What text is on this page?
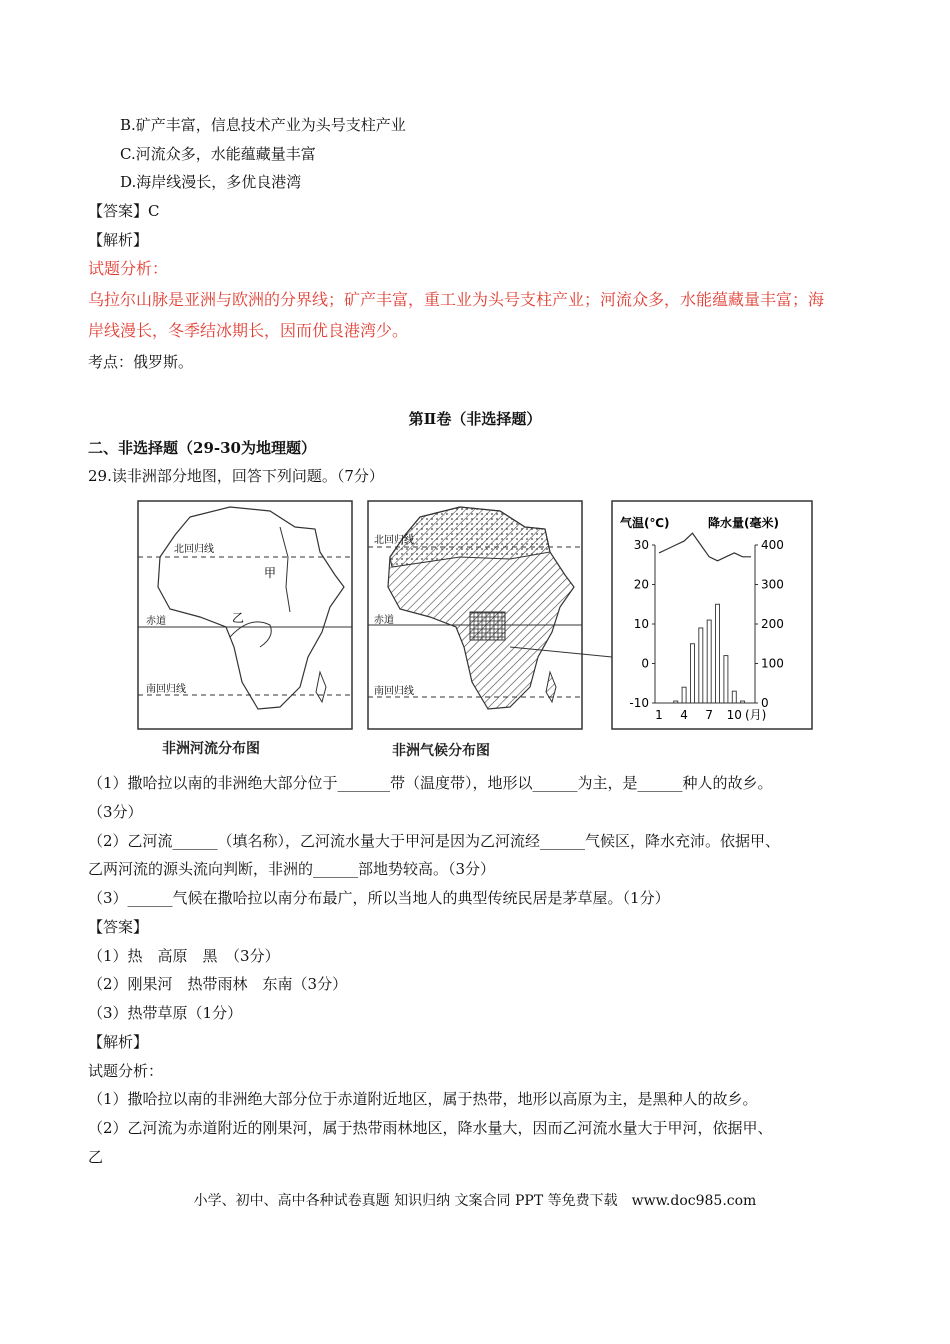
B.矿产丰富，信息技术产业为头号支柱产业
C.河流众多，水能蕴藏量丰富
D.海岸线漫长，多优良港湾
【答案】C
【解析】
试题分析：
乌拉尔山脉是亚洲与欧洲的分界线；矿产丰富，重工业为头号支柱产业；河流众多，水能蕴藏量丰富；海
岸线漫长，冬季结冰期长，因而优良港湾少。
考点：俄罗斯。
第Ⅱ卷（非选择题）
二、非选择题（29-30为地理题）
29.读非洲部分地图，回答下列问题。（7分）
北回归线
赤道
南回归线
甲
乙
北回归线
赤道
南回归线
气温(℃)	降水量(毫米)
30
20
10
0
-10
400
300
200
100
0
1 4 7 10 (月)
非洲河流分布图	非洲气候分布图
（1）撒哈拉以南的非洲绝大部分位于_______带（温度带），地形以______为主，是______种人的故乡。
（3分）
（2）乙河流______（填名称），乙河流水量大于甲河是因为乙河流经______气候区，降水充沛。依据甲、
乙两河流的源头流向判断，非洲的______部地势较高。（3分）
（3）______气候在撒哈拉以南分布最广，所以当地人的典型传统民居是茅草屋。（1分）
【答案】
（1）热　高原　黑　（3分）
（2）刚果河　热带雨林　东南（3分）
（3）热带草原（1分）
【解析】
试题分析：
（1）撒哈拉以南的非洲绝大部分位于赤道附近地区，属于热带，地形以高原为主，是黑种人的故乡。
（2）乙河流为赤道附近的刚果河，属于热带雨林地区，降水量大，因而乙河流水量大于甲河，依据甲、
乙
小学、初中、高中各种试卷真题 知识归纳 文案合同 PPT 等免费下载　www.doc985.com
